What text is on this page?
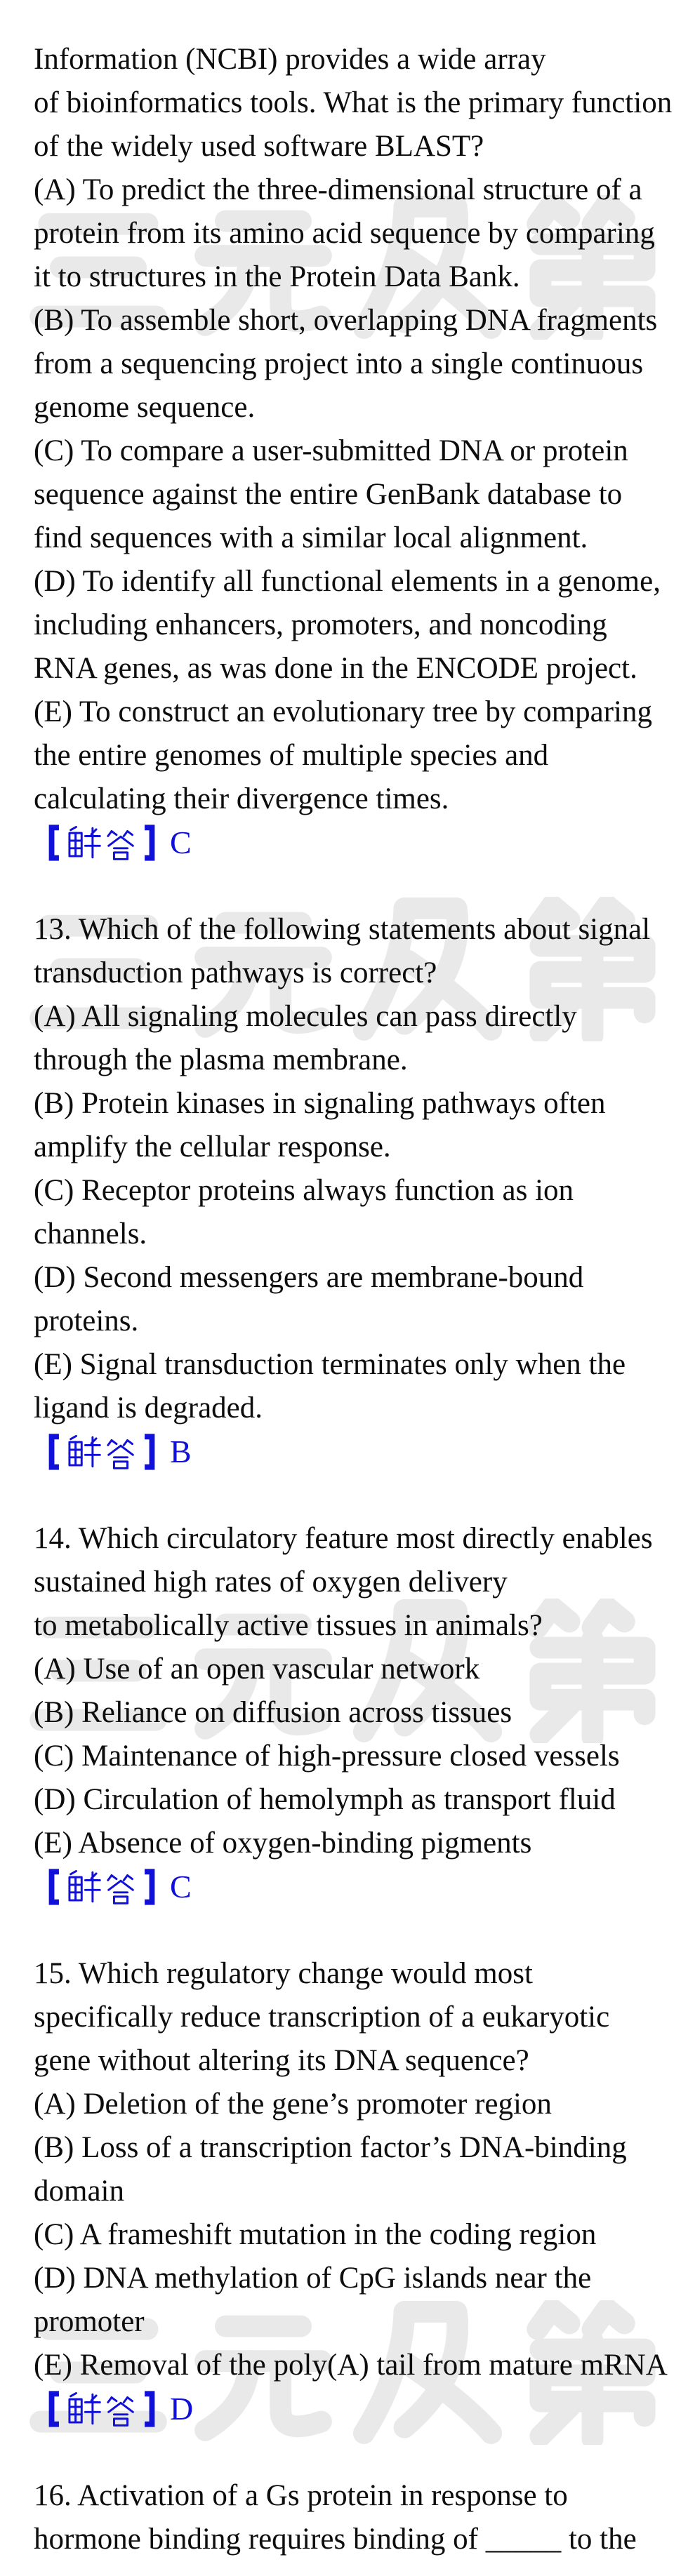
Information (NCBI) provides a wide array
of bioinformatics tools. What is the primary function
of the widely used software BLAST?
(A) To predict the three-dimensional structure of a
protein from its amino acid sequence by comparing
it to structures in the Protein Data Bank.
(B) To assemble short, overlapping DNA fragments
from a sequencing project into a single continuous
genome sequence.
(C) To compare a user-submitted DNA or protein
sequence against the entire GenBank database to
find sequences with a similar local alignment.
(D) To identify all functional elements in a genome,
including enhancers, promoters, and noncoding
RNA genes, as was done in the ENCODE project.
(E) To construct an evolutionary tree by comparing
the entire genomes of multiple species and
calculating their divergence times.
C
13. Which of the following statements about signal
transduction pathways is correct?
(A) All signaling molecules can pass directly
through the plasma membrane.
(B) Protein kinases in signaling pathways often
amplify the cellular response.
(C) Receptor proteins always function as ion
channels.
(D) Second messengers are membrane-bound
proteins.
(E) Signal transduction terminates only when the
ligand is degraded.
B
14. Which circulatory feature most directly enables
sustained high rates of oxygen delivery
to metabolically active tissues in animals?
(A) Use of an open vascular network
(B) Reliance on diffusion across tissues
(C) Maintenance of high-pressure closed vessels
(D) Circulation of hemolymph as transport fluid
(E) Absence of oxygen-binding pigments
C
15. Which regulatory change would most
specifically reduce transcription of a eukaryotic
gene without altering its DNA sequence?
(A) Deletion of the gene’s promoter region
(B) Loss of a transcription factor’s DNA-binding
domain
(C) A frameshift mutation in the coding region
(D) DNA methylation of CpG islands near the
promoter
(E) Removal of the poly(A) tail from mature mRNA
D
16. Activation of a Gs protein in response to
hormone binding requires binding of _____ to the
